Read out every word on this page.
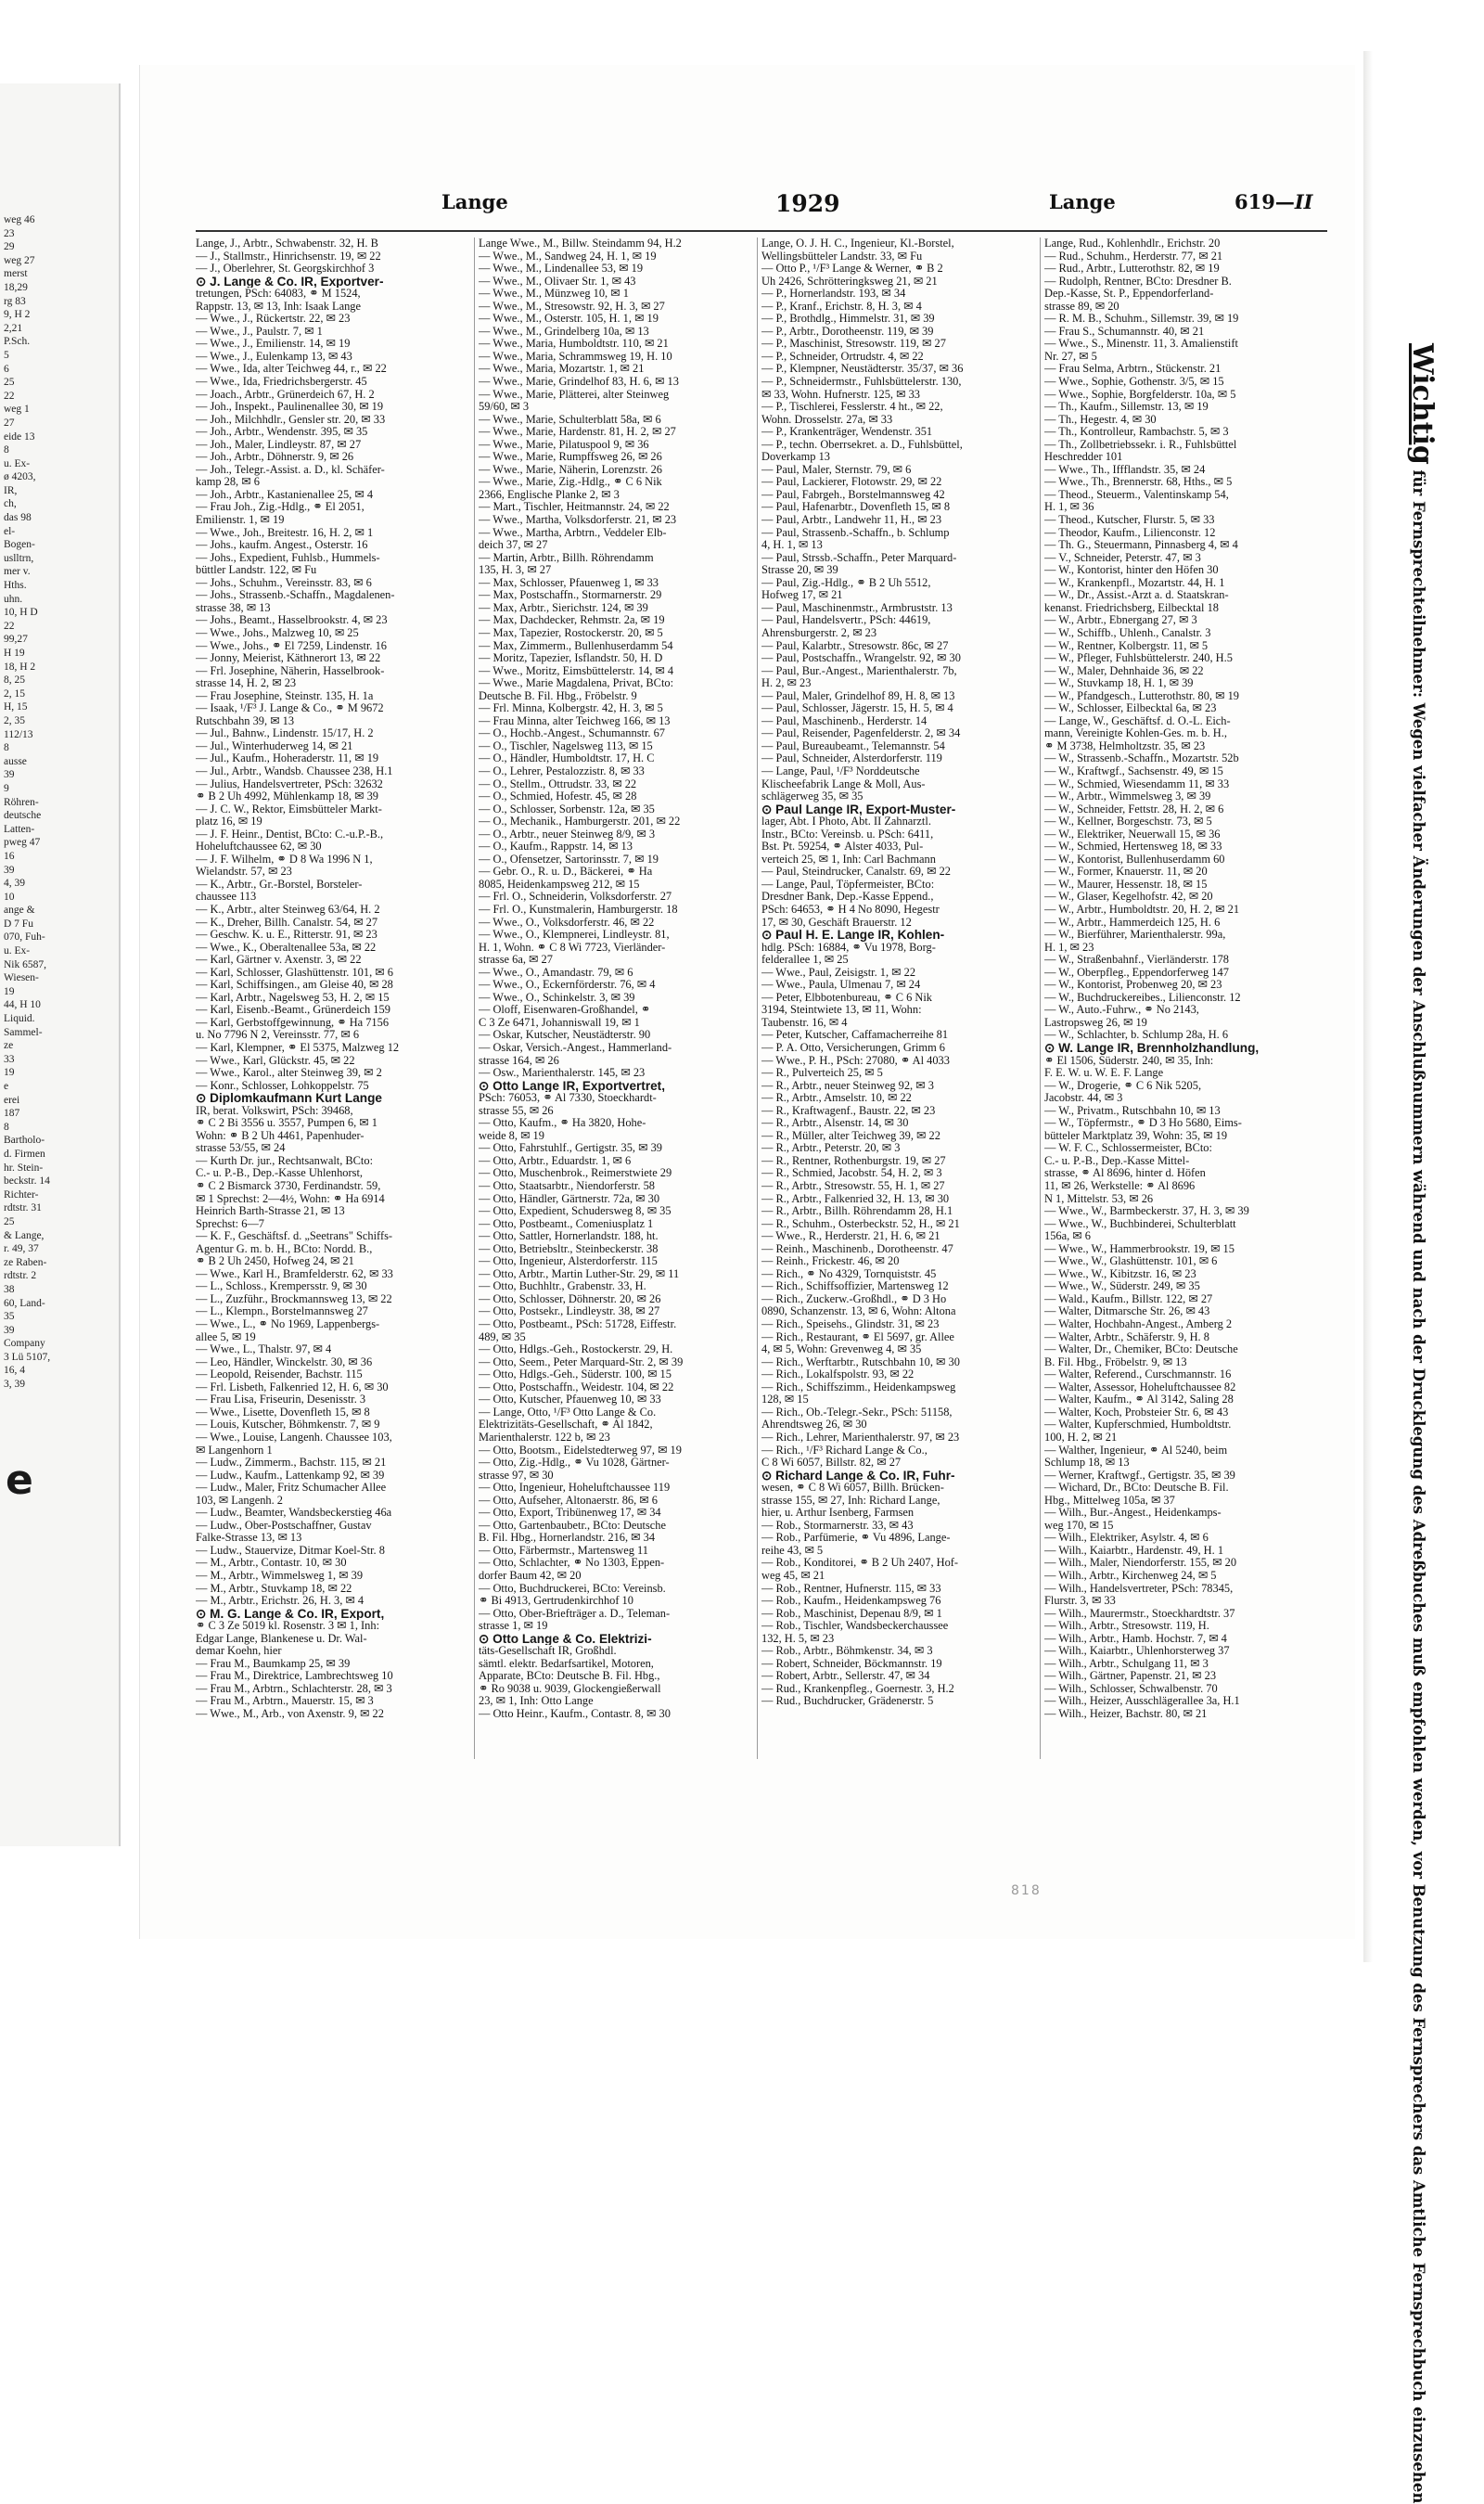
weg 46
23
29
weg 27
merst
18,29
rg 83
9, H 2
2,21
P.Sch.
5
6
25
22
weg 1
27
eide 13
8
u. Ex-
ø 4203,
IR,
ch,
das 98
el-
Bogen-
uslltrn,
mer v.
Hths.
uhn.
10, H D
22
99,27
H 19
18, H 2
8, 25
2, 15
H, 15
2, 35
112/13
8
ausse
39
9
Röhren-
deutsche
Latten-
pweg 47
16
39
4, 39
10
ange &
D 7 Fu
070, Fuh-
u. Ex-
Nik 6587,
Wiesen-
19
44, H 10
Liquid.
Sammel-
ze
33
19
e
erei
187
8
Bartholo-
d. Firmen
hr. Stein-
beckstr. 14
Richter-
rdtstr. 31
25
& Lange,
r. 49, 37
ze Raben-
rdtstr. 2
38
60, Land-
35
39
Company
3 Lü 5107,
16, 4
3, 39
e
Lange	1929	Lange	619—II
Lange, J., Arbtr., Schwabenstr. 32, H. B
— J., Stallmstr., Hinrichsenstr. 19, ✉ 22
— J., Oberlehrer, St. Georgskirchhof 3
⊙ J. Lange & Co. IR, Exportver-
tretungen, PSch: 64083, ⚭ M 1524,
Rappstr. 13, ✉ 13, Inh: Isaak Lange
— Wwe., J., Rückertstr. 22, ✉ 23
— Wwe., J., Paulstr. 7, ✉ 1
— Wwe., J., Emilienstr. 14, ✉ 19
— Wwe., J., Eulenkamp 13, ✉ 43
— Wwe., Ida, alter Teichweg 44, r., ✉ 22
— Wwe., Ida, Friedrichsbergerstr. 45
— Joach., Arbtr., Grünerdeich 67, H. 2
— Joh., Inspekt., Paulinenallee 30, ✉ 19
— Joh., Milchhdlr., Gensler str. 20, ✉ 33
— Joh., Arbtr., Wendenstr. 395, ✉ 35
— Joh., Maler, Lindleystr. 87, ✉ 27
— Joh., Arbtr., Döhnerstr. 9, ✉ 26
— Joh., Telegr.-Assist. a. D., kl. Schäfer-
kamp 28, ✉ 6
— Joh., Arbtr., Kastanienallee 25, ✉ 4
— Frau Joh., Zig.-Hdlg., ⚭ El 2051,
Emilienstr. 1, ✉ 19
— Wwe., Joh., Breitestr. 16, H. 2, ✉ 1
— Johs., kaufm. Angest., Osterstr. 16
— Johs., Expedient, Fuhlsb., Hummels-
büttler Landstr. 122, ✉ Fu
— Johs., Schuhm., Vereinsstr. 83, ✉ 6
— Johs., Strassenb.-Schaffn., Magdalenen-
strasse 38, ✉ 13
— Johs., Beamt., Hasselbrookstr. 4, ✉ 23
— Wwe., Johs., Malzweg 10, ✉ 25
— Wwe., Johs., ⚭ El 7259, Lindenstr. 16
— Jonny, Meierist, Käthnerort 13, ✉ 22
— Frl. Josephine, Näherin, Hasselbrook-
strasse 14, H. 2, ✉ 23
— Frau Josephine, Steinstr. 135, H. 1a
— Isaak, ¹/F³ J. Lange & Co., ⚭ M 9672
Rutschbahn 39, ✉ 13
— Jul., Bahnw., Lindenstr. 15/17, H. 2
— Jul., Winterhuderweg 14, ✉ 21
— Jul., Kaufm., Hoheraderstr. 11, ✉ 19
— Jul., Arbtr., Wandsb. Chaussee 238, H.1
— Julius, Handelsvertreter, PSch: 32632
⚭ B 2 Uh 4992, Mühlenkamp 18, ✉ 39
— J. C. W., Rektor, Eimsbütteler Markt-
platz 16, ✉ 19
— J. F. Heinr., Dentist, BCto: C.-u.P.-B.,
Hoheluftchaussee 62, ✉ 30
— J. F. Wilhelm, ⚭ D 8 Wa 1996 N 1,
Wielandstr. 57, ✉ 23
— K., Arbtr., Gr.-Borstel, Borsteler-
chaussee 113
— K., Arbtr., alter Steinweg 63/64, H. 2
— K., Dreher, Billh. Canalstr. 54, ✉ 27
— Geschw. K. u. E., Ritterstr. 91, ✉ 23
— Wwe., K., Oberaltenallee 53a, ✉ 22
— Karl, Gärtner v. Axenstr. 3, ✉ 22
— Karl, Schlosser, Glashüttenstr. 101, ✉ 6
— Karl, Schiffsingen., am Gleise 40, ✉ 28
— Karl, Arbtr., Nagelsweg 53, H. 2, ✉ 15
— Karl, Eisenb.-Beamt., Grünerdeich 159
— Karl, Gerbstoffgewinnung, ⚭ Ha 7156
u. No 7796 N 2, Vereinsstr. 77, ✉ 6
— Karl, Klempner, ⚭ El 5375, Malzweg 12
— Wwe., Karl, Glückstr. 45, ✉ 22
— Wwe., Karol., alter Steinweg 39, ✉ 2
— Konr., Schlosser, Lohkoppelstr. 75
⊙ Diplomkaufmann Kurt Lange
IR, berat. Volkswirt, PSch: 39468,
⚭ C 2 Bi 3556 u. 3557, Pumpen 6, ✉ 1
Wohn: ⚭ B 2 Uh 4461, Papenhuder-
strasse 53/55, ✉ 24
— Kurth Dr. jur., Rechtsanwalt, BCto:
C.- u. P.-B., Dep.-Kasse Uhlenhorst,
⚭ C 2 Bismarck 3730, Ferdinandstr. 59,
✉ 1 Sprechst: 2—4½, Wohn: ⚭ Ha 6914
Heinrich Barth-Strasse 21, ✉ 13
Sprechst: 6—7
— K. F., Geschäftsf. d. „Seetrans" Schiffs-
Agentur G. m. b. H., BCto: Nordd. B.,
⚭ B 2 Uh 2450, Hofweg 24, ✉ 21
— Wwe., Karl H., Bramfelderstr. 62, ✉ 33
— L., Schloss., Krempersstr. 9, ✉ 30
— L., Zuzführ., Brockmannsweg 13, ✉ 22
— L., Klempn., Borstelmannsweg 27
— Wwe., L., ⚭ No 1969, Lappenbergs-
allee 5, ✉ 19
— Wwe., L., Thalstr. 97, ✉ 4
— Leo, Händler, Winckelstr. 30, ✉ 36
— Leopold, Reisender, Bachstr. 115
— Frl. Lisbeth, Falkenried 12, H. 6, ✉ 30
— Frau Lisa, Friseurin, Desenisstr. 3
— Wwe., Lisette, Dovenfleth 15, ✉ 8
— Louis, Kutscher, Böhmkenstr. 7, ✉ 9
— Wwe., Louise, Langenh. Chaussee 103,
✉ Langenhorn 1
— Ludw., Zimmerm., Bachstr. 115, ✉ 21
— Ludw., Kaufm., Lattenkamp 92, ✉ 39
— Ludw., Maler, Fritz Schumacher Allee
103, ✉ Langenh. 2
— Ludw., Beamter, Wandsbeckerstieg 46a
— Ludw., Ober-Postschaffner, Gustav
Falke-Strasse 13, ✉ 13
— Ludw., Stauervize, Ditmar Koel-Str. 8
— M., Arbtr., Contastr. 10, ✉ 30
— M., Arbtr., Wimmelsweg 1, ✉ 39
— M., Arbtr., Stuvkamp 18, ✉ 22
— M., Arbtr., Erichstr. 26, H. 3, ✉ 4
⊙ M. G. Lange & Co. IR, Export,
⚭ C 3 Ze 5019 kl. Rosenstr. 3 ✉ 1, Inh:
Edgar Lange, Blankenese u. Dr. Wal-
demar Koehn, hier
— Frau M., Baumkamp 25, ✉ 39
— Frau M., Direktrice, Lambrechtsweg 10
— Frau M., Arbtrn., Schlachterstr. 28, ✉ 3
— Frau M., Arbtrn., Mauerstr. 15, ✉ 3
— Wwe., M., Arb., von Axenstr. 9, ✉ 22
Lange Wwe., M., Billw. Steindamm 94, H.2
— Wwe., M., Sandweg 24, H. 1, ✉ 19
— Wwe., M., Lindenallee 53, ✉ 19
— Wwe., M., Olivaer Str. 1, ✉ 43
— Wwe., M., Münzweg 10, ✉ 1
— Wwe., M., Stresowstr. 92, H. 3, ✉ 27
— Wwe., M., Osterstr. 105, H. 1, ✉ 19
— Wwe., M., Grindelberg 10a, ✉ 13
— Wwe., Maria, Humboldtstr. 110, ✉ 21
— Wwe., Maria, Schrammsweg 19, H. 10
— Wwe., Maria, Mozartstr. 1, ✉ 21
— Wwe., Marie, Grindelhof 83, H. 6, ✉ 13
— Wwe., Marie, Plätterei, alter Steinweg
59/60, ✉ 3
— Wwe., Marie, Schulterblatt 58a, ✉ 6
— Wwe., Marie, Hardenstr. 81, H. 2, ✉ 27
— Wwe., Marie, Pilatuspool 9, ✉ 36
— Wwe., Marie, Rumpffsweg 26, ✉ 26
— Wwe., Marie, Näherin, Lorenzstr. 26
— Wwe., Marie, Zig.-Hdlg., ⚭ C 6 Nik
2366, Englische Planke 2, ✉ 3
— Mart., Tischler, Heitmannstr. 24, ✉ 22
— Wwe., Martha, Volksdorferstr. 21, ✉ 23
— Wwe., Martha, Arbtrn., Veddeler Elb-
deich 37, ✉ 27
— Martin, Arbtr., Billh. Röhrendamm
135, H. 3, ✉ 27
— Max, Schlosser, Pfauenweg 1, ✉ 33
— Max, Postschaffn., Stormarnerstr. 29
— Max, Arbtr., Sierichstr. 124, ✉ 39
— Max, Dachdecker, Rehmstr. 2a, ✉ 19
— Max, Tapezier, Rostockerstr. 20, ✉ 5
— Max, Zimmerm., Bullenhuserdamm 54
— Moritz, Tapezier, Isflandstr. 50, H. D
— Wwe., Moritz, Eimsbüttelerstr. 14, ✉ 4
— Wwe., Marie Magdalena, Privat, BCto:
Deutsche B. Fil. Hbg., Fröbelstr. 9
— Frl. Minna, Kolbergstr. 42, H. 3, ✉ 5
— Frau Minna, alter Teichweg 166, ✉ 13
— O., Hochb.-Angest., Schumannstr. 67
— O., Tischler, Nagelsweg 113, ✉ 15
— O., Händler, Humboldtstr. 17, H. C
— O., Lehrer, Pestalozzistr. 8, ✉ 33
— O., Stellm., Ottrudstr. 33, ✉ 22
— O., Schmied, Hofestr. 45, ✉ 28
— O., Schlosser, Sorbenstr. 12a, ✉ 35
— O., Mechanik., Hamburgerstr. 201, ✉ 22
— O., Arbtr., neuer Steinweg 8/9, ✉ 3
— O., Kaufm., Rappstr. 14, ✉ 13
— O., Ofensetzer, Sartorinsstr. 7, ✉ 19
— Gebr. O., R. u. D., Bäckerei, ⚭ Ha
8085, Heidenkampsweg 212, ✉ 15
— Frl. O., Schneiderin, Volksdorferstr. 27
— Frl. O., Kunstmalerin, Hamburgerstr. 18
— Wwe., O., Volksdorferstr. 46, ✉ 22
— Wwe., O., Klempnerei, Lindleystr. 81,
H. 1, Wohn. ⚭ C 8 Wi 7723, Vierländer-
strasse 6a, ✉ 27
— Wwe., O., Amandastr. 79, ✉ 6
— Wwe., O., Eckernförderstr. 76, ✉ 4
— Wwe., O., Schinkelstr. 3, ✉ 39
— Oloff, Eisenwaren-Großhandel, ⚭
C 3 Ze 6471, Johanniswall 19, ✉ 1
— Oskar, Kutscher, Neustädterstr. 90
— Oskar, Versich.-Angest., Hammerland-
strasse 164, ✉ 26
— Osw., Marienthalerstr. 145, ✉ 23
⊙ Otto Lange IR, Exportvertret,
PSch: 76053, ⚭ Al 7330, Stoeckhardt-
strasse 55, ✉ 26
— Otto, Kaufm., ⚭ Ha 3820, Hohe-
weide 8, ✉ 19
— Otto, Fahrstuhlf., Gertigstr. 35, ✉ 39
— Otto, Arbtr., Eduardstr. 1, ✉ 6
— Otto, Muschenbrok., Reimerstwiete 29
— Otto, Staatsarbtr., Niendorferstr. 58
— Otto, Händler, Gärtnerstr. 72a, ✉ 30
— Otto, Expedient, Schudersweg 8, ✉ 35
— Otto, Postbeamt., Comeniusplatz 1
— Otto, Sattler, Hornerlandstr. 188, ht.
— Otto, Betriebsltr., Steinbeckerstr. 38
— Otto, Ingenieur, Alsterdorferstr. 115
— Otto, Arbtr., Martin Luther-Str. 29, ✉ 11
— Otto, Buchhltr., Grabenstr. 33, H.
— Otto, Schlosser, Döhnerstr. 20, ✉ 26
— Otto, Postsekr., Lindleystr. 38, ✉ 27
— Otto, Postbeamt., PSch: 51728, Eiffestr.
489, ✉ 35
— Otto, Hdlgs.-Geh., Rostockerstr. 29, H.
— Otto, Seem., Peter Marquard-Str. 2, ✉ 39
— Otto, Hdlgs.-Geh., Süderstr. 100, ✉ 15
— Otto, Postschaffn., Weidestr. 104, ✉ 22
— Otto, Kutscher, Pfauenweg 10, ✉ 33
— Lange, Otto, ¹/F³ Otto Lange & Co.
Elektrizitäts-Gesellschaft, ⚭ Al 1842,
Marienthalerstr. 122 b, ✉ 23
— Otto, Bootsm., Eidelstedterweg 97, ✉ 19
— Otto, Zig.-Hdlg., ⚭ Vu 1028, Gärtner-
strasse 97, ✉ 30
— Otto, Ingenieur, Hoheluftchaussee 119
— Otto, Aufseher, Altonaerstr. 86, ✉ 6
— Otto, Export, Tribünenweg 17, ✉ 34
— Otto, Gartenbaubetr., BCto: Deutsche
B. Fil. Hbg., Hornerlandstr. 216, ✉ 34
— Otto, Färbermstr., Martensweg 11
— Otto, Schlachter, ⚭ No 1303, Eppen-
dorfer Baum 42, ✉ 20
— Otto, Buchdruckerei, BCto: Vereinsb.
⚭ Bi 4913, Gertrudenkirchhof 10
— Otto, Ober-Briefträger a. D., Teleman-
strasse 1, ✉ 19
⊙ Otto Lange & Co. Elektrizi-
täts-Gesellschaft IR, Großhdl.
sämtl. elektr. Bedarfsartikel, Motoren,
Apparate, BCto: Deutsche B. Fil. Hbg.,
⚭ Ro 9038 u. 9039, Glockengießerwall
23, ✉ 1, Inh: Otto Lange
— Otto Heinr., Kaufm., Contastr. 8, ✉ 30
Lange, O. J. H. C., Ingenieur, Kl.-Borstel,
Wellingsbütteler Landstr. 33, ✉ Fu
— Otto P., ¹/F³ Lange & Werner, ⚭ B 2
Uh 2426, Schrötteringksweg 21, ✉ 21
— P., Hornerlandstr. 193, ✉ 34
— P., Kranf., Erichstr. 8, H. 3, ✉ 4
— P., Brothdlg., Himmelstr. 31, ✉ 39
— P., Arbtr., Dorotheenstr. 119, ✉ 39
— P., Maschinist, Stresowstr. 119, ✉ 27
— P., Schneider, Ortrudstr. 4, ✉ 22
— P., Klempner, Neustädterstr. 35/37, ✉ 36
— P., Schneidermstr., Fuhlsbüttelerstr. 130,
✉ 33, Wohn. Hufnerstr. 125, ✉ 33
— P., Tischlerei, Fesslerstr. 4 ht., ✉ 22,
Wohn. Drosselstr. 27a, ✉ 33
— P., Krankenträger, Wendenstr. 351
— P., techn. Oberrsekret. a. D., Fuhlsbüttel,
Doverkamp 13
— Paul, Maler, Sternstr. 79, ✉ 6
— Paul, Lackierer, Flotowstr. 29, ✉ 22
— Paul, Fabrgeh., Borstelmannsweg 42
— Paul, Hafenarbtr., Dovenfleth 15, ✉ 8
— Paul, Arbtr., Landwehr 11, H., ✉ 23
— Paul, Strassenb.-Schaffn., b. Schlump
4, H. 1, ✉ 13
— Paul, Strssb.-Schaffn., Peter Marquard-
Strasse 20, ✉ 39
— Paul, Zig.-Hdlg., ⚭ B 2 Uh 5512,
Hofweg 17, ✉ 21
— Paul, Maschinenmstr., Armbruststr. 13
— Paul, Handelsvertr., PSch: 44619,
Ahrensburgerstr. 2, ✉ 23
— Paul, Kalarbtr., Stresowstr. 86c, ✉ 27
— Paul, Postschaffn., Wrangelstr. 92, ✉ 30
— Paul, Bur.-Angest., Marienthalerstr. 7b,
H. 2, ✉ 23
— Paul, Maler, Grindelhof 89, H. 8, ✉ 13
— Paul, Schlosser, Jägerstr. 15, H. 5, ✉ 4
— Paul, Maschinenb., Herderstr. 14
— Paul, Reisender, Pagenfelderstr. 2, ✉ 34
— Paul, Bureaubeamt., Telemannstr. 54
— Paul, Schneider, Alsterdorferstr. 119
— Lange, Paul, ¹/F³ Norddeutsche
Klischeefabrik Lange & Moll, Aus-
schlägerweg 35, ✉ 35
⊙ Paul Lange IR, Export-Muster-
lager, Abt. I Photo, Abt. II Zahnarztl.
Instr., BCto: Vereinsb. u. PSch: 6411,
Bst. Pt. 59254, ⚭ Alster 4033, Pul-
verteich 25, ✉ 1, Inh: Carl Bachmann
— Paul, Steindrucker, Canalstr. 69, ✉ 22
— Lange, Paul, Töpfermeister, BCto:
Dresdner Bank, Dep.-Kasse Eppend.,
PSch: 64653, ⚭ H 4 No 8090, Hegestr
17, ✉ 30, Geschäft Brauerstr. 12
⊙ Paul H. E. Lange IR, Kohlen-
hdlg. PSch: 16884, ⚭ Vu 1978, Borg-
felderallee 1, ✉ 25
— Wwe., Paul, Zeisigstr. 1, ✉ 22
— Wwe., Paula, Ulmenau 7, ✉ 24
— Peter, Elbbotenbureau, ⚭ C 6 Nik
3194, Steintwiete 13, ✉ 11, Wohn:
Taubenstr. 16, ✉ 4
— Peter, Kutscher, Caffamacherreihe 81
— P. A. Otto, Versicherungen, Grimm 6
— Wwe., P. H., PSch: 27080, ⚭ Al 4033
— R., Pulverteich 25, ✉ 5
— R., Arbtr., neuer Steinweg 92, ✉ 3
— R., Arbtr., Amselstr. 10, ✉ 22
— R., Kraftwagenf., Baustr. 22, ✉ 23
— R., Arbtr., Alsenstr. 14, ✉ 30
— R., Müller, alter Teichweg 39, ✉ 22
— R., Arbtr., Peterstr. 20, ✉ 3
— R., Rentner, Rothenburgstr. 19, ✉ 27
— R., Schmied, Jacobstr. 54, H. 2, ✉ 3
— R., Arbtr., Stresowstr. 55, H. 1, ✉ 27
— R., Arbtr., Falkenried 32, H. 13, ✉ 30
— R., Arbtr., Billh. Röhrendamm 28, H.1
— R., Schuhm., Osterbeckstr. 52, H., ✉ 21
— Wwe., R., Herderstr. 21, H. 6, ✉ 21
— Reinh., Maschinenb., Dorotheenstr. 47
— Reinh., Frickestr. 46, ✉ 20
— Rich., ⚭ No 4329, Tornquiststr. 45
— Rich., Schiffsoffizier, Martensweg 12
— Rich., Zuckerw.-Großhdl., ⚭ D 3 Ho
0890, Schanzenstr. 13, ✉ 6, Wohn: Altona
— Rich., Speisehs., Glindstr. 31, ✉ 23
— Rich., Restaurant, ⚭ El 5697, gr. Allee
4, ✉ 5, Wohn: Grevenweg 4, ✉ 35
— Rich., Werftarbtr., Rutschbahn 10, ✉ 30
— Rich., Lokalfspolstr. 93, ✉ 22
— Rich., Schiffszimm., Heidenkampsweg
128, ✉ 15
— Rich., Ob.-Telegr.-Sekr., PSch: 51158,
Ahrendtsweg 26, ✉ 30
— Rich., Lehrer, Marienthalerstr. 97, ✉ 23
— Rich., ¹/F³ Richard Lange & Co.,
C 8 Wi 6057, Billstr. 82, ✉ 27
⊙ Richard Lange & Co. IR, Fuhr-
wesen, ⚭ C 8 Wi 6057, Billh. Brücken-
strasse 155, ✉ 27, Inh: Richard Lange,
hier, u. Arthur Isenberg, Farmsen
— Rob., Stormarnerstr. 33, ✉ 43
— Rob., Parfümerie, ⚭ Vu 4896, Lange-
reihe 43, ✉ 5
— Rob., Konditorei, ⚭ B 2 Uh 2407, Hof-
weg 45, ✉ 21
— Rob., Rentner, Hufnerstr. 115, ✉ 33
— Rob., Kaufm., Heidenkampsweg 76
— Rob., Maschinist, Depenau 8/9, ✉ 1
— Rob., Tischler, Wandsbeckerchaussee
132, H. 5, ✉ 23
— Rob., Arbtr., Böhmkenstr. 34, ✉ 3
— Robert, Schneider, Böckmannstr. 19
— Robert, Arbtr., Sellerstr. 47, ✉ 34
— Rud., Krankenpfleg., Goernestr. 3, H.2
— Rud., Buchdrucker, Grädenerstr. 5
Lange, Rud., Kohlenhdlr., Erichstr. 20
— Rud., Schuhm., Herderstr. 77, ✉ 21
— Rud., Arbtr., Lutterothstr. 82, ✉ 19
— Rudolph, Rentner, BCto: Dresdner B.
Dep.-Kasse, St. P., Eppendorferland-
strasse 89, ✉ 20
— R. M. B., Schuhm., Sillemstr. 39, ✉ 19
— Frau S., Schumannstr. 40, ✉ 21
— Wwe., S., Minenstr. 11, 3. Amalienstift
Nr. 27, ✉ 5
— Frau Selma, Arbtrn., Stückenstr. 21
— Wwe., Sophie, Gothenstr. 3/5, ✉ 15
— Wwe., Sophie, Borgfelderstr. 10a, ✉ 5
— Th., Kaufm., Sillemstr. 13, ✉ 19
— Th., Hegestr. 4, ✉ 30
— Th., Kontrolleur, Rambachstr. 5, ✉ 3
— Th., Zollbetriebssekr. i. R., Fuhlsbüttel
Heschredder 101
— Wwe., Th., Iffflandstr. 35, ✉ 24
— Wwe., Th., Brennerstr. 68, Hths., ✉ 5
— Theod., Steuerm., Valentinskamp 54,
H. 1, ✉ 36
— Theod., Kutscher, Flurstr. 5, ✉ 33
— Theodor, Kaufm., Lilienconstr. 12
— Th. G., Steuermann, Pinnasberg 4, ✉ 4
— V., Schneider, Peterstr. 47, ✉ 3
— W., Kontorist, hinter den Höfen 30
— W., Krankenpfl., Mozartstr. 44, H. 1
— W., Dr., Assist.-Arzt a. d. Staatskran-
kenanst. Friedrichsberg, Eilbecktal 18
— W., Arbtr., Ebnergang 27, ✉ 3
— W., Schiffb., Uhlenh., Canalstr. 3
— W., Rentner, Kolbergstr. 11, ✉ 5
— W., Pfleger, Fuhlsbüttelerstr. 240, H.5
— W., Maler, Dehnhaide 36, ✉ 22
— W., Stuvkamp 18, H. 1, ✉ 39
— W., Pfandgesch., Lutterothstr. 80, ✉ 19
— W., Schlosser, Eilbecktal 6a, ✉ 23
— Lange, W., Geschäftsf. d. O.-L. Eich-
mann, Vereinigte Kohlen-Ges. m. b. H.,
⚭ M 3738, Helmholtzstr. 35, ✉ 23
— W., Strassenb.-Schaffn., Mozartstr. 52b
— W., Kraftwgf., Sachsenstr. 49, ✉ 15
— W., Schmied, Wiesendamm 11, ✉ 33
— W., Arbtr., Wimmelsweg 3, ✉ 39
— W., Schneider, Fettstr. 28, H. 2, ✉ 6
— W., Kellner, Borgeschstr. 73, ✉ 5
— W., Elektriker, Neuerwall 15, ✉ 36
— W., Schmied, Hertensweg 18, ✉ 33
— W., Kontorist, Bullenhuserdamm 60
— W., Former, Knauerstr. 11, ✉ 20
— W., Maurer, Hessenstr. 18, ✉ 15
— W., Glaser, Kegelhofstr. 42, ✉ 20
— W., Arbtr., Humboldtstr. 20, H. 2, ✉ 21
— W., Arbtr., Hammerdeich 125, H. 6
— W., Bierführer, Marienthalerstr. 99a,
H. 1, ✉ 23
— W., Straßenbahnf., Vierländerstr. 178
— W., Oberpfleg., Eppendorferweg 147
— W., Kontorist, Probenweg 20, ✉ 23
— W., Buchdruckereibes., Lilienconstr. 12
— W., Auto.-Fuhrw., ⚭ No 2143,
Lastropsweg 26, ✉ 19
— W., Schlachter, b. Schlump 28a, H. 6
⊙ W. Lange IR, Brennholzhandlung,
⚭ El 1506, Süderstr. 240, ✉ 35, Inh:
F. E. W. u. W. E. F. Lange
— W., Drogerie, ⚭ C 6 Nik 5205,
Jacobstr. 44, ✉ 3
— W., Privatm., Rutschbahn 10, ✉ 13
— W., Töpfermstr., ⚭ D 3 Ho 5680, Eims-
bütteler Marktplatz 39, Wohn: 35, ✉ 19
— W. F. C., Schlossermeister, BCto:
C.- u. P.-B., Dep.-Kasse Mittel-
strasse, ⚭ Al 8696, hinter d. Höfen
11, ✉ 26, Werkstelle: ⚭ Al 8696
N 1, Mittelstr. 53, ✉ 26
— Wwe., W., Barmbeckerstr. 37, H. 3, ✉ 39
— Wwe., W., Buchbinderei, Schulterblatt
156a, ✉ 6
— Wwe., W., Hammerbrookstr. 19, ✉ 15
— Wwe., W., Glashüttenstr. 101, ✉ 6
— Wwe., W., Kibitzstr. 16, ✉ 23
— Wwe., W., Süderstr. 249, ✉ 35
— Wald., Kaufm., Billstr. 122, ✉ 27
— Walter, Ditmarsche Str. 26, ✉ 43
— Walter, Hochbahn-Angest., Amberg 2
— Walter, Arbtr., Schäferstr. 9, H. 8
— Walter, Dr., Chemiker, BCto: Deutsche
B. Fil. Hbg., Fröbelstr. 9, ✉ 13
— Walter, Referend., Curschmannstr. 16
— Walter, Assessor, Hoheluftchaussee 82
— Walter, Kaufm., ⚭ Al 3142, Saling 28
— Walter, Koch, Probsteier Str. 6, ✉ 43
— Walter, Kupferschmied, Humboldtstr.
100, H. 2, ✉ 21
— Walther, Ingenieur, ⚭ Al 5240, beim
Schlump 18, ✉ 13
— Werner, Kraftwgf., Gertigstr. 35, ✉ 39
— Wichard, Dr., BCto: Deutsche B. Fil.
Hbg., Mittelweg 105a, ✉ 37
— Wilh., Bur.-Angest., Heidenkamps-
weg 170, ✉ 15
— Wilh., Elektriker, Asylstr. 4, ✉ 6
— Wilh., Kaiarbtr., Hardenstr. 49, H. 1
— Wilh., Maler, Niendorferstr. 155, ✉ 20
— Wilh., Arbtr., Kirchenweg 24, ✉ 5
— Wilh., Handelsvertreter, PSch: 78345,
Flurstr. 3, ✉ 33
— Wilh., Maurermstr., Stoeckhardtstr. 37
— Wilh., Arbtr., Stresowstr. 119, H.
— Wilh., Arbtr., Hamb. Hochstr. 7, ✉ 4
— Wilh., Kaiarbtr., Uhlenhorsterweg 37
— Wilh., Arbtr., Schulgang 11, ✉ 3
— Wilh., Gärtner, Papenstr. 21, ✉ 23
— Wilh., Schlosser, Schwalbenstr. 70
— Wilh., Heizer, Ausschlägerallee 3a, H.1
— Wilh., Heizer, Bachstr. 80, ✉ 21
Wichtig für Fernsprechteilnehmer: Wegen vielfacher Änderungen der Anschlußnummern während und nach der Drucklegung des Adreßbuches muß empfohlen werden, vor Benutzung des Fernsprechers das Amtliche Fernsprechbuch einzusehen
818
